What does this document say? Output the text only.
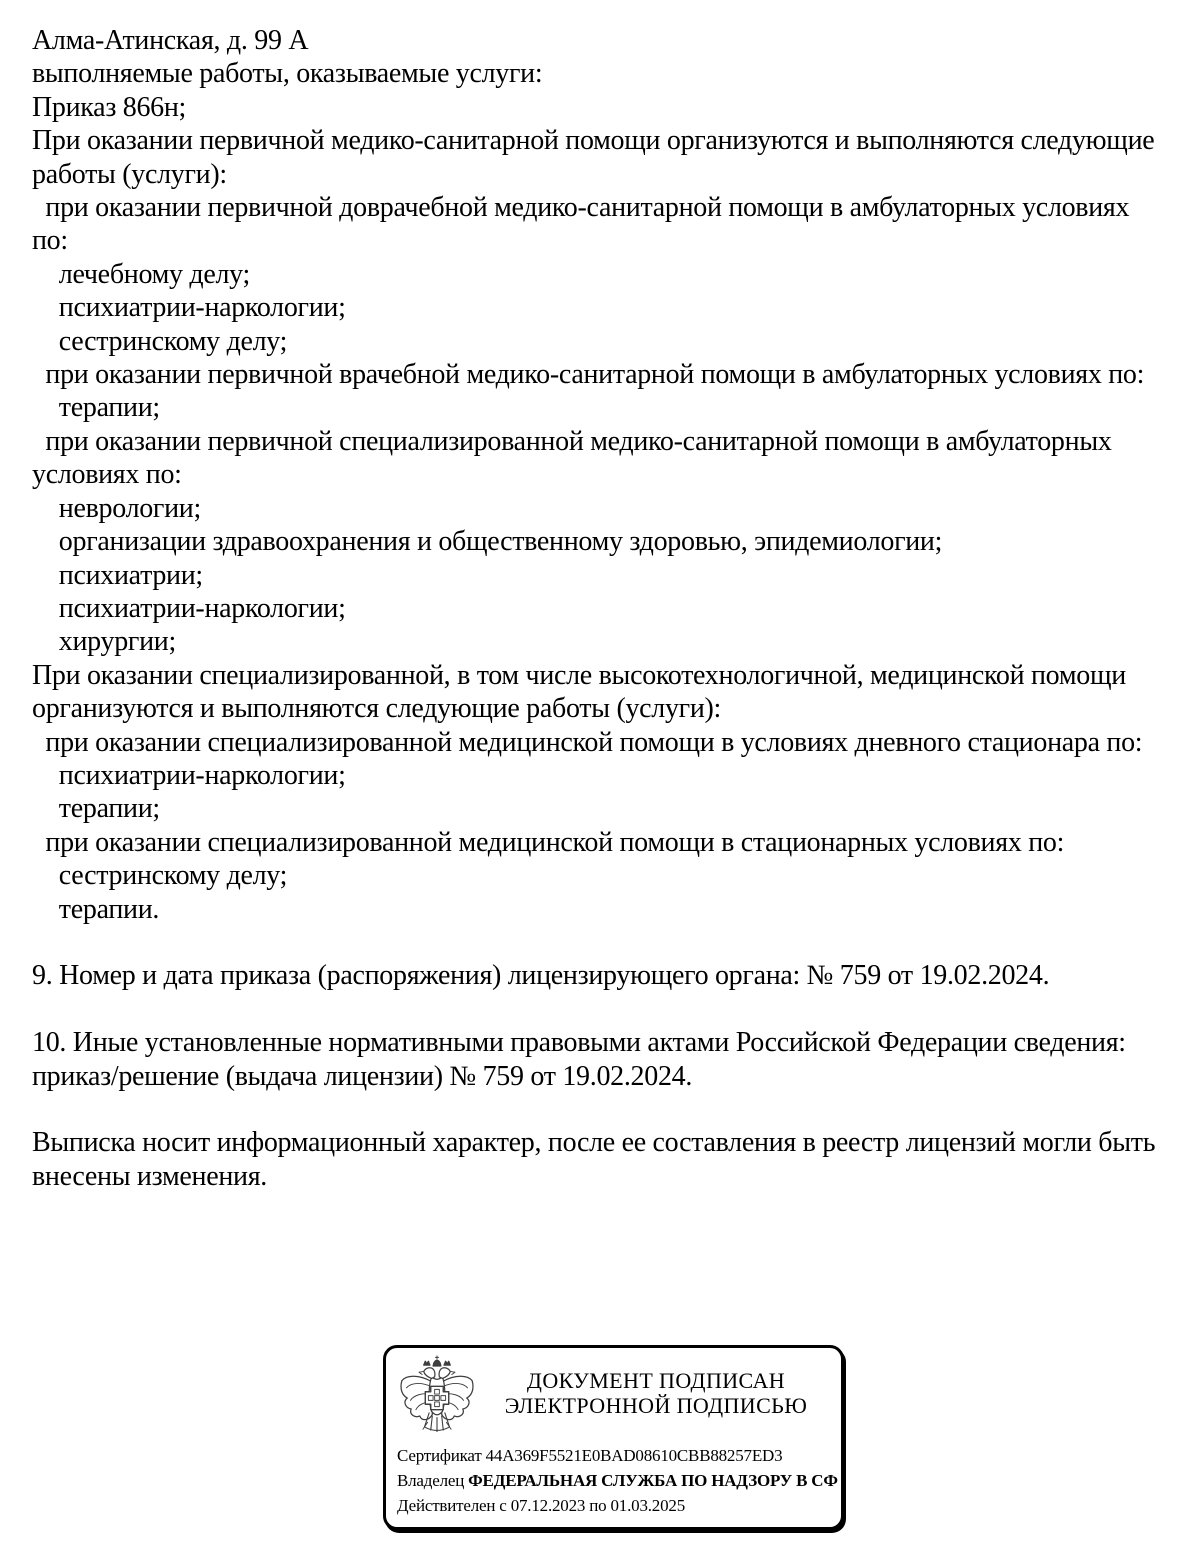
Алма-Атинская, д. 99 А
выполняемые работы, оказываемые услуги:
Приказ 866н;
При оказании первичной медико-санитарной помощи организуются и выполняются следующие
работы (услуги):
при оказании первичной доврачебной медико-санитарной помощи в амбулаторных условиях
по:
лечебному делу;
психиатрии-наркологии;
сестринскому делу;
при оказании первичной врачебной медико-санитарной помощи в амбулаторных условиях по:
терапии;
при оказании первичной специализированной медико-санитарной помощи в амбулаторных
условиях по:
неврологии;
организации здравоохранения и общественному здоровью, эпидемиологии;
психиатрии;
психиатрии-наркологии;
хирургии;
При оказании специализированной, в том числе высокотехнологичной, медицинской помощи
организуются и выполняются следующие работы (услуги):
при оказании специализированной медицинской помощи в условиях дневного стационара по:
психиатрии-наркологии;
терапии;
при оказании специализированной медицинской помощи в стационарных условиях по:
сестринскому делу;
терапии.
9. Номер и дата приказа (распоряжения) лицензирующего органа: № 759 от 19.02.2024.
10. Иные установленные нормативными правовыми актами Российской Федерации сведения:
приказ/решение (выдача лицензии) № 759 от 19.02.2024.
Выписка носит информационный характер, после ее составления в реестр лицензий могли быть
внесены изменения.
ДОКУМЕНТ ПОДПИСАН
ЭЛЕКТРОННОЙ ПОДПИСЬЮ
Сертификат 44A369F5521E0BAD08610CBB88257ED3
Владелец ФЕДЕРАЛЬНАЯ СЛУЖБА ПО НАДЗОРУ В СФ
Действителен с 07.12.2023 по 01.03.2025
